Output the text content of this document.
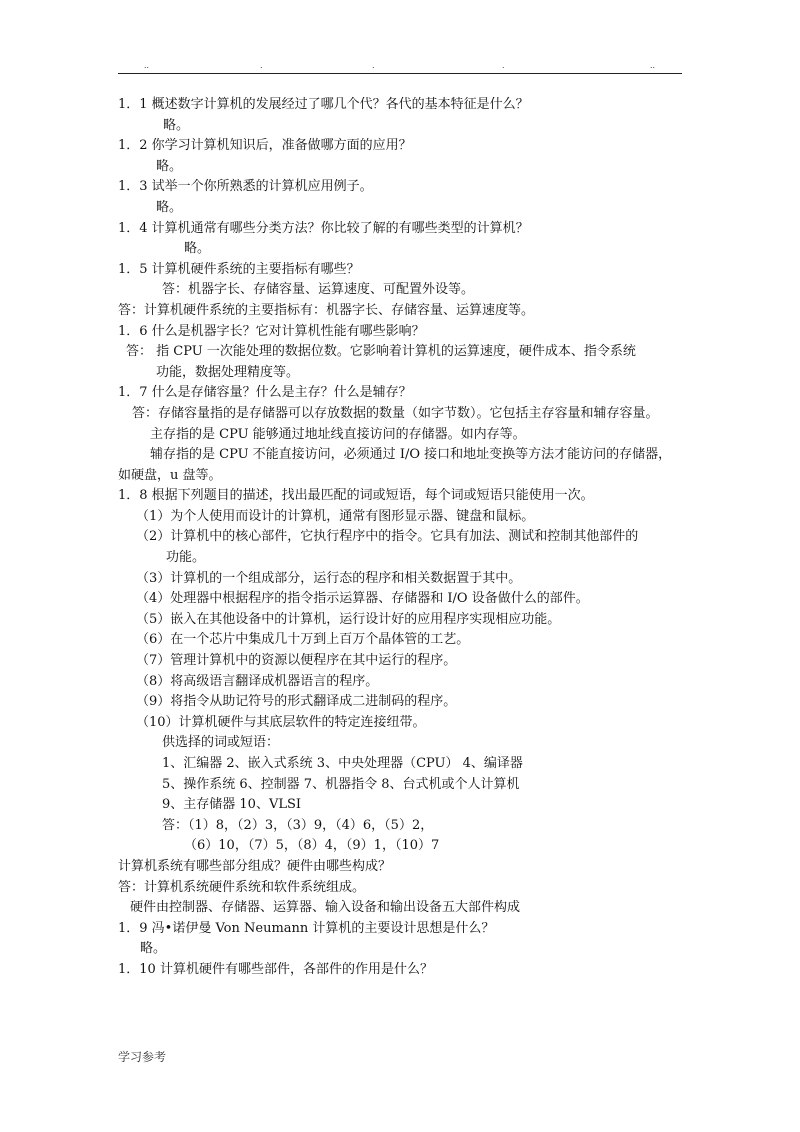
..	.	.	.	..
1．1 概述数字计算机的发展经过了哪几个代？各代的基本特征是什么？
略。
1．2 你学习计算机知识后，准备做哪方面的应用？
略。
1．3 试举一个你所熟悉的计算机应用例子。
略。
1．4 计算机通常有哪些分类方法？你比较了解的有哪些类型的计算机？
略。
1．5 计算机硬件系统的主要指标有哪些？
答：机器字长、存储容量、运算速度、可配置外设等。
答：计算机硬件系统的主要指标有：机器字长、存储容量、运算速度等。
1．6 什么是机器字长？它对计算机性能有哪些影响？
答： 指 CPU 一次能处理的数据位数。它影响着计算机的运算速度，硬件成本、指令系统
功能，数据处理精度等。
1．7 什么是存储容量？什么是主存？什么是辅存？
答：存储容量指的是存储器可以存放数据的数量（如字节数）。它包括主存容量和辅存容量。
主存指的是 CPU 能够通过地址线直接访问的存储器。如内存等。
辅存指的是 CPU 不能直接访问，必须通过 I/O 接口和地址变换等方法才能访问的存储器，如硬盘，u 盘等。
1．8 根据下列题目的描述，找出最匹配的词或短语，每个词或短语只能使用一次。
（1）为个人使用而设计的计算机，通常有图形显示器、键盘和鼠标。
（2）计算机中的核心部件，它执行程序中的指令。它具有加法、测试和控制其他部件的
功能。
（3）计算机的一个组成部分，运行态的程序和相关数据置于其中。
（4）处理器中根据程序的指令指示运算器、存储器和 I/O 设备做什么的部件。
（5）嵌入在其他设备中的计算机，运行设计好的应用程序实现相应功能。
（6）在一个芯片中集成几十万到上百万个晶体管的工艺。
（7）管理计算机中的资源以便程序在其中运行的程序。
（8）将高级语言翻译成机器语言的程序。
（9）将指令从助记符号的形式翻译成二进制码的程序。
（10）计算机硬件与其底层软件的特定连接纽带。
供选择的词或短语：
1、汇编器 2、嵌入式系统 3、中央处理器（CPU） 4、编译器
5、操作系统 6、控制器 7、机器指令 8、台式机或个人计算机
9、主存储器 10、VLSI
答：（1）8，（2）3，（3）9，（4）6，（5）2，
（6）10，（7）5，（8）4，（9）1，（10）7
计算机系统有哪些部分组成？硬件由哪些构成？
答：计算机系统硬件系统和软件系统组成。
硬件由控制器、存储器、运算器、输入设备和输出设备五大部件构成
1．9 冯•诺伊曼 Von Neumann 计算机的主要设计思想是什么？
略。
1．10 计算机硬件有哪些部件，各部件的作用是什么？
学习参考
